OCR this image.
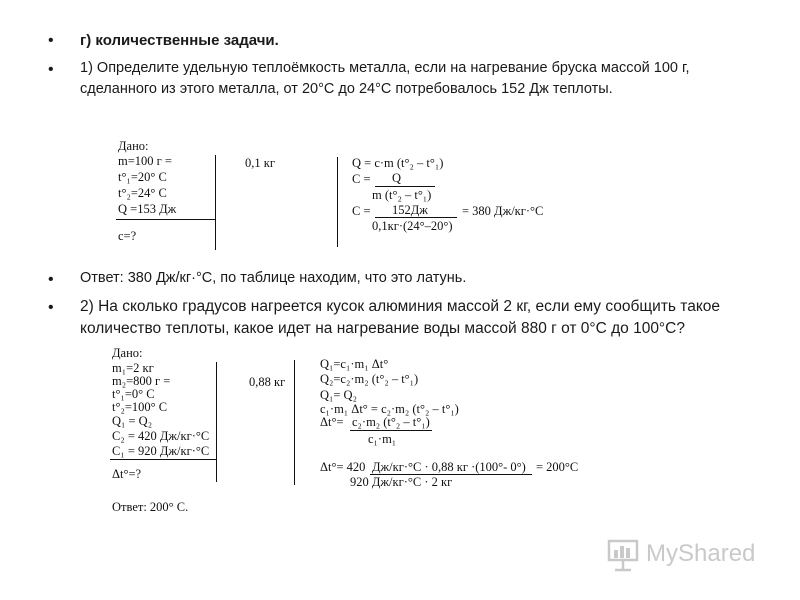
• г) количественные задачи.
• 1) Определите удельную теплоёмкость металла, если на нагревание бруска массой 100 г, сделанного из этого металла, от 20°С до 24°С потребовалось 152 Дж теплоты.
• Ответ: 380 Дж/кг·°С, по таблице находим, что это латунь.
• 2) На сколько градусов нагреется кусок алюминия массой 2 кг, если ему сообщить такое количество теплоты, какое идет на нагревание воды массой 880 г от 0°С до 100°С?
Дано:
m=100 г =
t°₁=20° С
t°₂=24° С
Q =153 Дж
с=?
0,1 кг	Q = c·m (t°₂ – t°₁)
С = Q
m (t°₂ – t°₁)
С = 152Дж	= 380 Дж/кг·°С
0,1кг·(24°–20°)
Дано:
m₁=2 кг
m₂=800 г =
t°₁=0° С
t°₂=100° С
Q₁ = Q₂
C₂ = 420 Дж/кг·°С
C₁ = 920 Дж/кг·°С
Δt°=?
Ответ: 200° С.
0,88 кг
Q₁=c₁·m₁ Δt°
Q₂=c₂·m₂ (t°₂ – t°₁)
Q₁= Q₂
c₁·m₁ Δt° = c₂·m₂ (t°₂ – t°₁)
Δt°= c₂·m₂ (t°₂ – t°₁)
c₁·m₁
Δt°= 420 Дж/кг·°С · 0,88 кг ·(100°- 0°) = 200°С
920 Дж/кг·°С · 2 кг
MyShared
